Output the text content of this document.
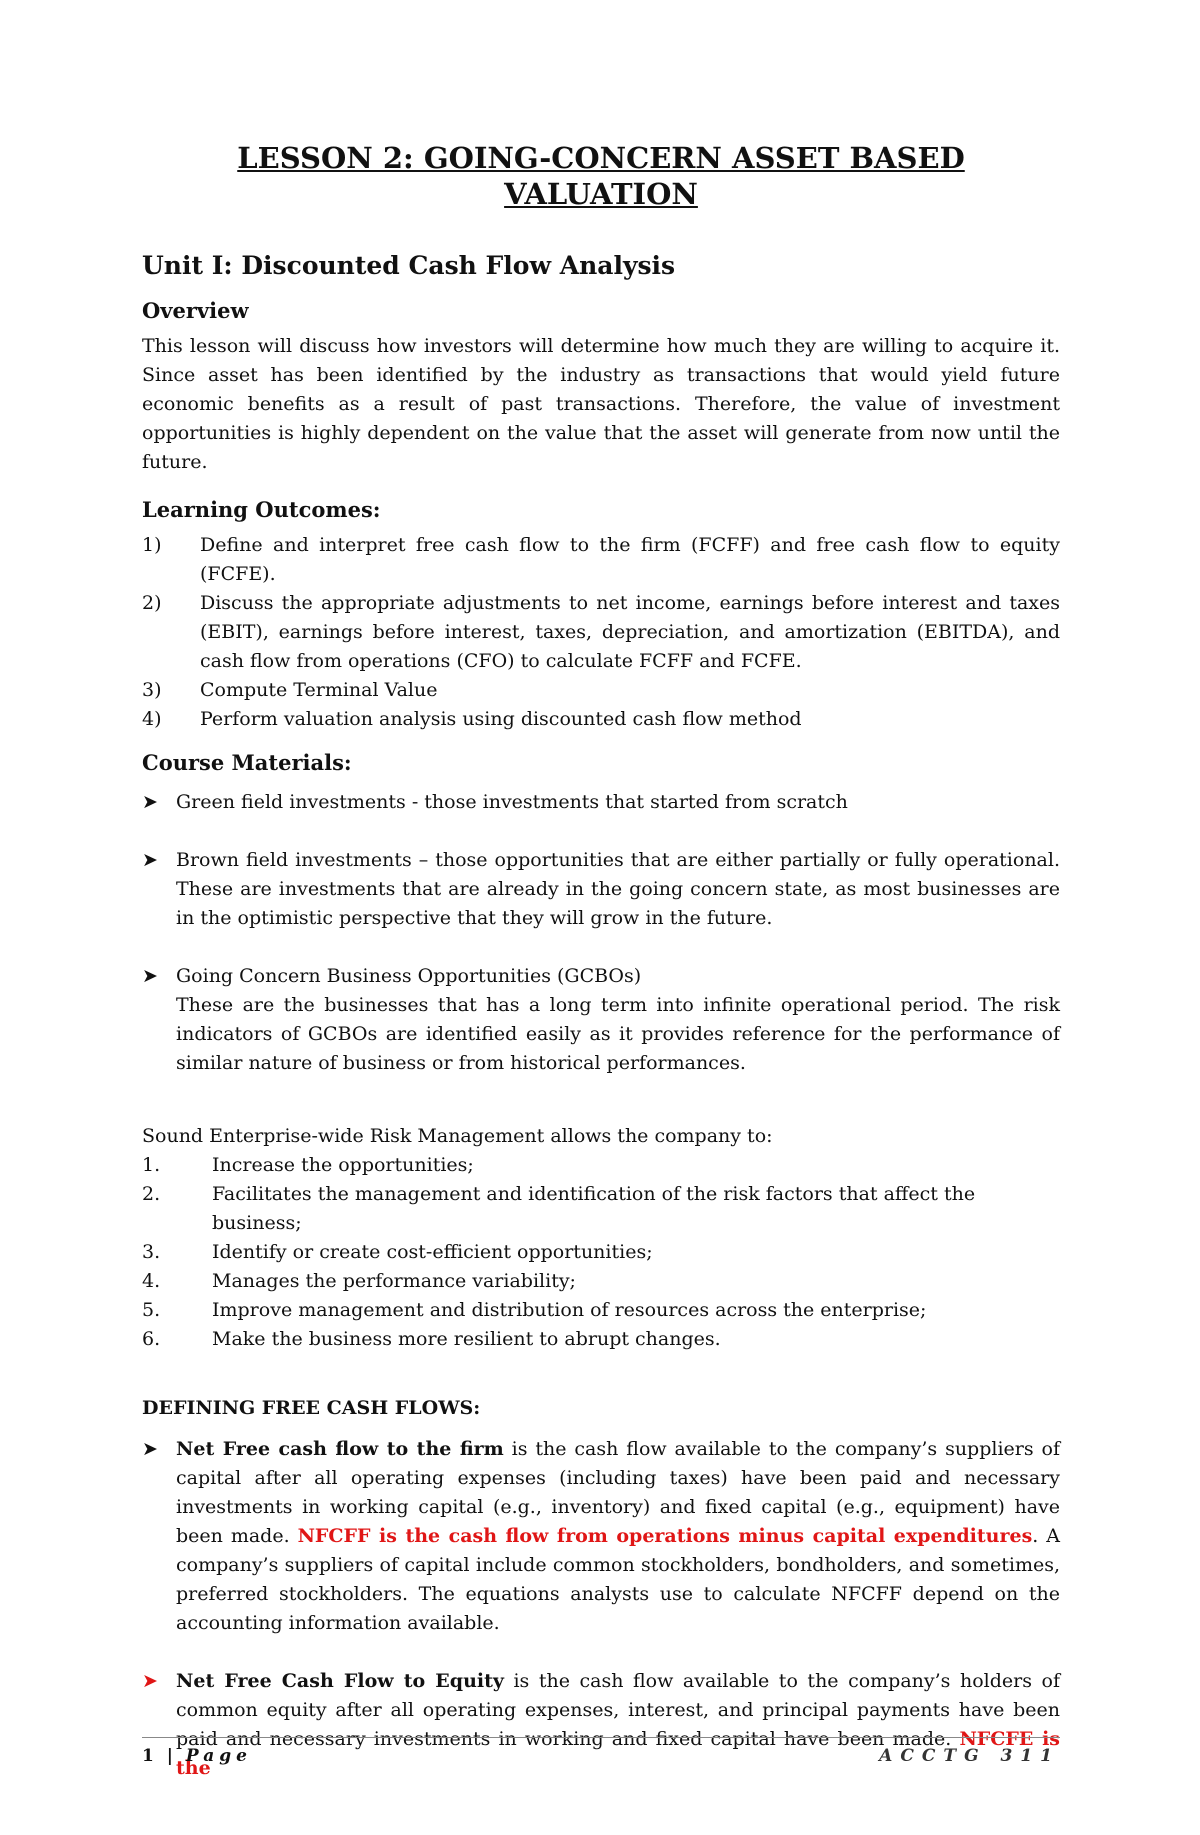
LESSON 2: GOING-CONCERN ASSET BASED VALUATION
Unit I: Discounted Cash Flow Analysis
Overview

This lesson will discuss how investors will determine how much they are willing to acquire it. Since asset has been identified by the industry as transactions that would yield future economic benefits as a result of past transactions. Therefore, the value of investment opportunities is highly dependent on the value that the asset will generate from now until the future.

Learning Outcomes:
1) Define and interpret free cash flow to the firm (FCFF) and free cash flow to equity (FCFE).
2) Discuss the appropriate adjustments to net income, earnings before interest and taxes (EBIT), earnings before interest, taxes, depreciation, and amortization (EBITDA), and cash flow from operations (CFO) to calculate FCFF and FCFE.
3) Compute Terminal Value
4) Perform valuation analysis using discounted cash flow method
Course Materials:
➤ Green field investments - those investments that started from scratch
➤ Brown field investments – those opportunities that are either partially or fully operational. These are investments that are already in the going concern state, as most businesses are in the optimistic perspective that they will grow in the future.
➤ Going Concern Business Opportunities (GCBOs)
These are the businesses that has a long term into infinite operational period. The risk indicators of GCBOs are identified easily as it provides reference for the performance of similar nature of business or from historical performances.

Sound Enterprise-wide Risk Management allows the company to:

1.	Increase the opportunities;
2.	Facilitates the management and identification of the risk factors that affect the business;
3.	Identify or create cost-efficient opportunities;
4.	Manages the performance variability;
5.	Improve management and distribution of resources across the enterprise;
6.	Make the business more resilient to abrupt changes.
DEFINING FREE CASH FLOWS:
➤ Net Free cash flow to the firm is the cash flow available to the company’s suppliers of capital after all operating expenses (including taxes) have been paid and necessary investments in working capital (e.g., inventory) and fixed capital (e.g., equipment) have been made. NFCFF is the cash flow from operations minus capital expenditures. A company’s suppliers of capital include common stockholders, bondholders, and sometimes, preferred stockholders. The equations analysts use to calculate NFCFF depend on the accounting information available.
➤ Net Free Cash Flow to Equity is the cash flow available to the company’s holders of common equity after all operating expenses, interest, and principal payments have been paid and necessary investments in working and fixed capital have been made. NFCFE is the
1 | Page	ACCTG 311
